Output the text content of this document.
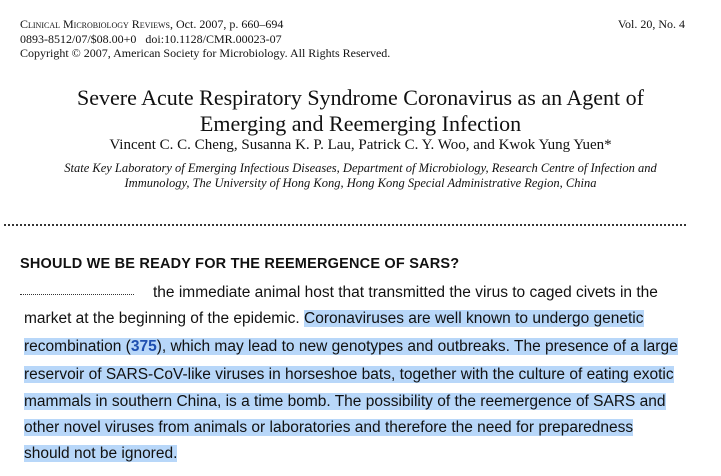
Clinical Microbiology Reviews, Oct. 2007, p. 660–694
0893-8512/07/$08.00+0   doi:10.1128/CMR.00023-07
Copyright © 2007, American Society for Microbiology. All Rights Reserved.
Vol. 20, No. 4
Severe Acute Respiratory Syndrome Coronavirus as an Agent of
Emerging and Reemerging Infection
Vincent C. C. Cheng, Susanna K. P. Lau, Patrick C. Y. Woo, and Kwok Yung Yuen*
State Key Laboratory of Emerging Infectious Diseases, Department of Microbiology, Research Centre of Infection and
Immunology, The University of Hong Kong, Hong Kong Special Administrative Region, China
SHOULD WE BE READY FOR THE REEMERGENCE OF SARS?
the immediate animal host that transmitted the virus to caged civets in the
market at the beginning of the epidemic. Coronaviruses are well known to undergo genetic
recombination (375), which may lead to new genotypes and outbreaks. The presence of a large
reservoir of SARS-CoV-like viruses in horseshoe bats, together with the culture of eating exotic
mammals in southern China, is a time bomb. The possibility of the reemergence of SARS and
other novel viruses from animals or laboratories and therefore the need for preparedness
should not be ignored.
